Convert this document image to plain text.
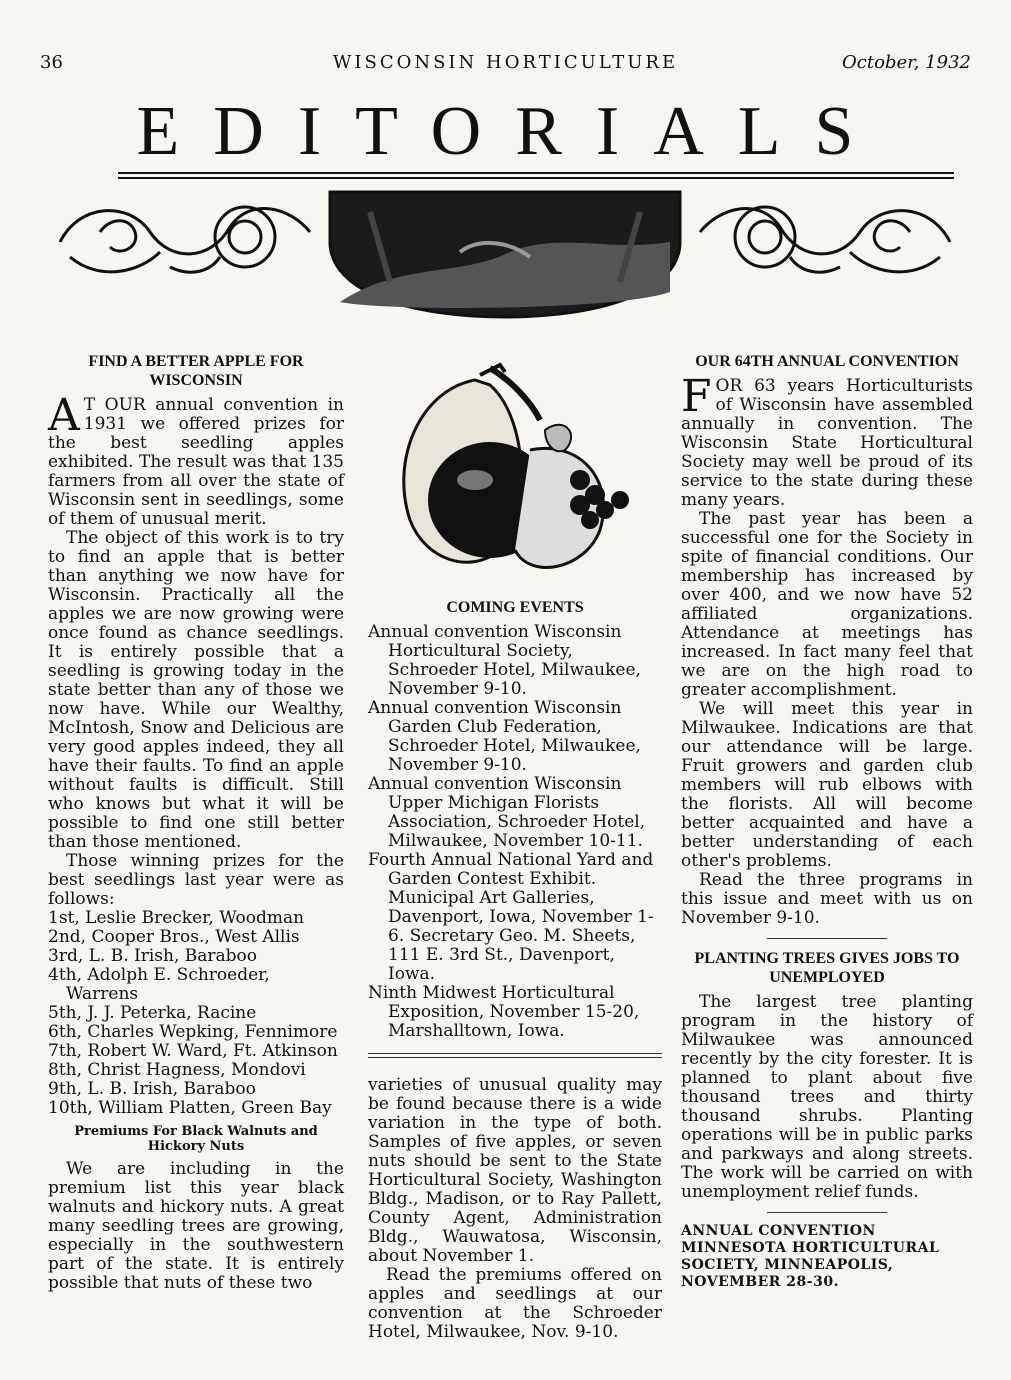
36	WISCONSIN HORTICULTURE	October, 1932
EDITORIALS
FIND A BETTER APPLE FOR WISCONSIN

A T OUR annual convention in 1931 we offered prizes for the best seedling apples exhibited. The result was that 135 farmers from all over the state of Wisconsin sent in seedlings, some of them of unusual merit.

The object of this work is to try to find an apple that is better than anything we now have for Wisconsin. Practically all the apples we are now growing were once found as chance seedlings. It is entirely possible that a seedling is growing today in the state better than any of those we now have. While our Wealthy, McIntosh, Snow and Delicious are very good apples indeed, they all have their faults. To find an apple without faults is difficult. Still who knows but what it will be possible to find one still better than those mentioned.

Those winning prizes for the best seedlings last year were as follows:

1st, Leslie Brecker, Woodman
2nd, Cooper Bros., West Allis
3rd, L. B. Irish, Baraboo
4th, Adolph E. Schroeder, Warrens
5th, J. J. Peterka, Racine
6th, Charles Wepking, Fennimore
7th, Robert W. Ward, Ft. Atkinson
8th, Christ Hagness, Mondovi
9th, L. B. Irish, Baraboo
10th, William Platten, Green Bay
Premiums For Black Walnuts and Hickory Nuts

We are including in the premium list this year black walnuts and hickory nuts. A great many seedling trees are growing, especially in the southwestern part of the state. It is entirely possible that nuts of these two

COMING EVENTS
Annual convention Wisconsin Horticultural Society, Schroeder Hotel, Milwaukee, November 9-10.
Annual convention Wisconsin Garden Club Federation, Schroeder Hotel, Milwaukee, November 9-10.
Annual convention Wisconsin Upper Michigan Florists Association, Schroeder Hotel, Milwaukee, November 10-11.
Fourth Annual National Yard and Garden Contest Exhibit. Municipal Art Galleries, Davenport, Iowa, November 1-6. Secretary Geo. M. Sheets, 111 E. 3rd St., Davenport, Iowa.
Ninth Midwest Horticultural Exposition, November 15-20, Marshalltown, Iowa.

varieties of unusual quality may be found because there is a wide variation in the type of both. Samples of five apples, or seven nuts should be sent to the State Horticultural Society, Washington Bldg., Madison, or to Ray Pallett, County Agent, Administration Bldg., Wauwatosa, Wisconsin, about November 1.

Read the premiums offered on apples and seedlings at our convention at the Schroeder Hotel, Milwaukee, Nov. 9-10.

OUR 64TH ANNUAL CONVENTION

FOR 63 years Horticulturists of Wisconsin have assembled annually in convention. The Wisconsin State Horticultural Society may well be proud of its service to the state during these many years.

The past year has been a successful one for the Society in spite of financial conditions. Our membership has increased by over 400, and we now have 52 affiliated organizations. Attendance at meetings has increased. In fact many feel that we are on the high road to greater accomplishment.

We will meet this year in Milwaukee. Indications are that our attendance will be large. Fruit growers and garden club members will rub elbows with the florists. All will become better acquainted and have a better understanding of each other's problems.

Read the three programs in this issue and meet with us on November 9-10.

PLANTING TREES GIVES JOBS TO UNEMPLOYED

The largest tree planting program in the history of Milwaukee was announced recently by the city forester. It is planned to plant about five thousand trees and thirty thousand shrubs. Planting operations will be in public parks and parkways and along streets. The work will be carried on with unemployment relief funds.

ANNUAL CONVENTION MINNESOTA HORTICULTURAL SOCIETY, MINNEAPOLIS, NOVEMBER 28-30.
